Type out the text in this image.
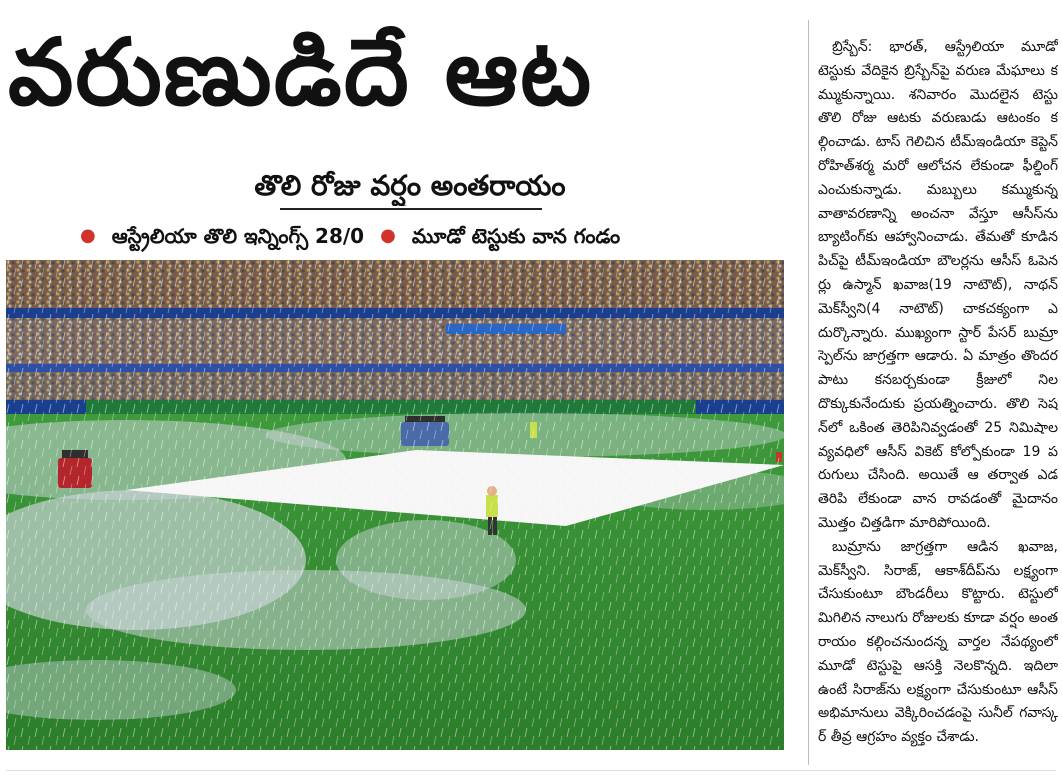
వరుణుడిదే ఆట
తొలి రోజు వర్షం అంతరాయం
● ఆస్ట్రేలియా తొలి ఇన్నింగ్స్ 28/0 ● మూడో టెస్టుకు వాన గండం

బ్రిస్బేన్: భారత్, ఆస్ట్రేలియా మూడో టెస్టుకు వేదికైన బ్రిస్బేన్‌పై వరుణ మేఘాలు కమ్ముకున్నాయి. శనివారం మొదలైన టెస్టు తొలి రోజు ఆటకు వరుణుడు ఆటంకం కల్గించాడు. టాస్ గెలిచిన టీమ్‌ఇండియా కెప్టెన్ రోహిత్‌శర్మ మరో ఆలోచన లేకుండా ఫీల్డింగ్ ఎంచుకున్నాడు. మబ్బులు కమ్ముకున్న వాతావరణాన్ని అంచనా వేస్తూ ఆసీస్‌ను బ్యాటింగ్‌కు ఆహ్వానించాడు. తేమతో కూడిన పిచ్‌పై టీమ్‌ఇండియా బౌలర్లను ఆసీస్ ఓపెనర్లు ఉస్మాన్ ఖవాజ(19 నాటౌట్), నాథన్ మెక్‌స్వీని(4 నాటౌట్) చాకచక్యంగా ఎదుర్కొన్నారు. ముఖ్యంగా స్టార్ పేసర్ బుమ్రా స్పెల్‌ను జాగ్రత్తగా ఆడారు. ఏ మాత్రం తొందరపాటు కనబర్చకుండా క్రీజులో నిలదొక్కుకునేందుకు ప్రయత్నించారు. తొలి సెషన్‌లో ఒకింత తెరిపినివ్వడంతో 25 నిమిషాల వ్యవధిలో ఆసీస్ వికెట్ కోల్పోకుండా 19 పరుగులు చేసింది. అయితే ఆ తర్వాత ఎడతెరిపి లేకుండా వాన రావడంతో మైదానం మొత్తం చిత్తడిగా మారిపోయింది.

బుమ్రాను జాగ్రత్తగా ఆడిన ఖవాజ, మెక్‌స్వీని. సిరాజ్, ఆకాశ్‌దీప్‌ను లక్ష్యంగా చేసుకుంటూ బౌండరీలు కొట్టారు. టెస్టులో మిగిలిన నాలుగు రోజులకు కూడా వర్షం అంతరాయం కల్గించనుందన్న వార్తల నేపథ్యంలో మూడో టెస్టుపై ఆసక్తి నెలకొన్నది. ఇదిలా ఉంటే సిరాజ్‌ను లక్ష్యంగా చేసుకుంటూ ఆసీస్ అభిమానులు వెక్కిరించడంపై సునీల్ గవాస్కర్ తీవ్ర ఆగ్రహం వ్యక్తం చేశాడు.
